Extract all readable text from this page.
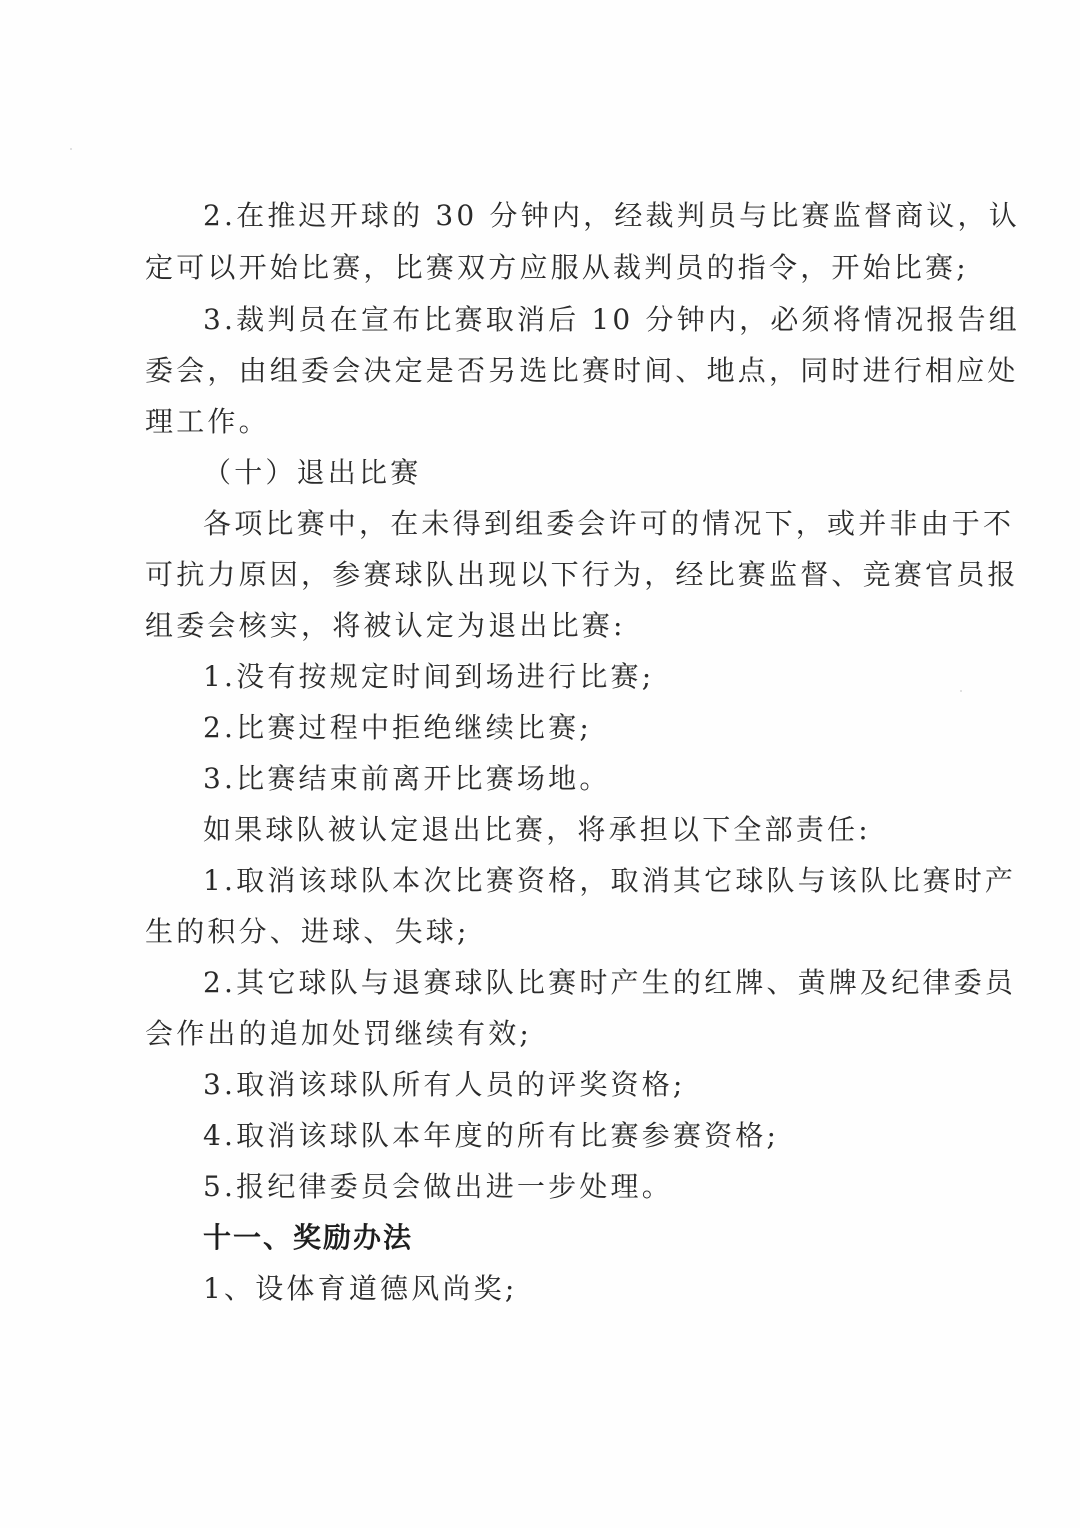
2.在推迟开球的 30 分钟内，经裁判员与比赛监督商议，认
定可以开始比赛，比赛双方应服从裁判员的指令，开始比赛;
3.裁判员在宣布比赛取消后 10 分钟内，必须将情况报告组
委会，由组委会决定是否另选比赛时间、地点，同时进行相应处
理工作。
（十）退出比赛
各项比赛中，在未得到组委会许可的情况下，或并非由于不
可抗力原因，参赛球队出现以下行为，经比赛监督、竞赛官员报
组委会核实，将被认定为退出比赛:
1.没有按规定时间到场进行比赛;
2.比赛过程中拒绝继续比赛;
3.比赛结束前离开比赛场地。
如果球队被认定退出比赛，将承担以下全部责任:
1.取消该球队本次比赛资格，取消其它球队与该队比赛时产
生的积分、进球、失球;
2.其它球队与退赛球队比赛时产生的红牌、黄牌及纪律委员
会作出的追加处罚继续有效;
3.取消该球队所有人员的评奖资格;
4.取消该球队本年度的所有比赛参赛资格;
5.报纪律委员会做出进一步处理。
十一、奖励办法
1、设体育道德风尚奖;
